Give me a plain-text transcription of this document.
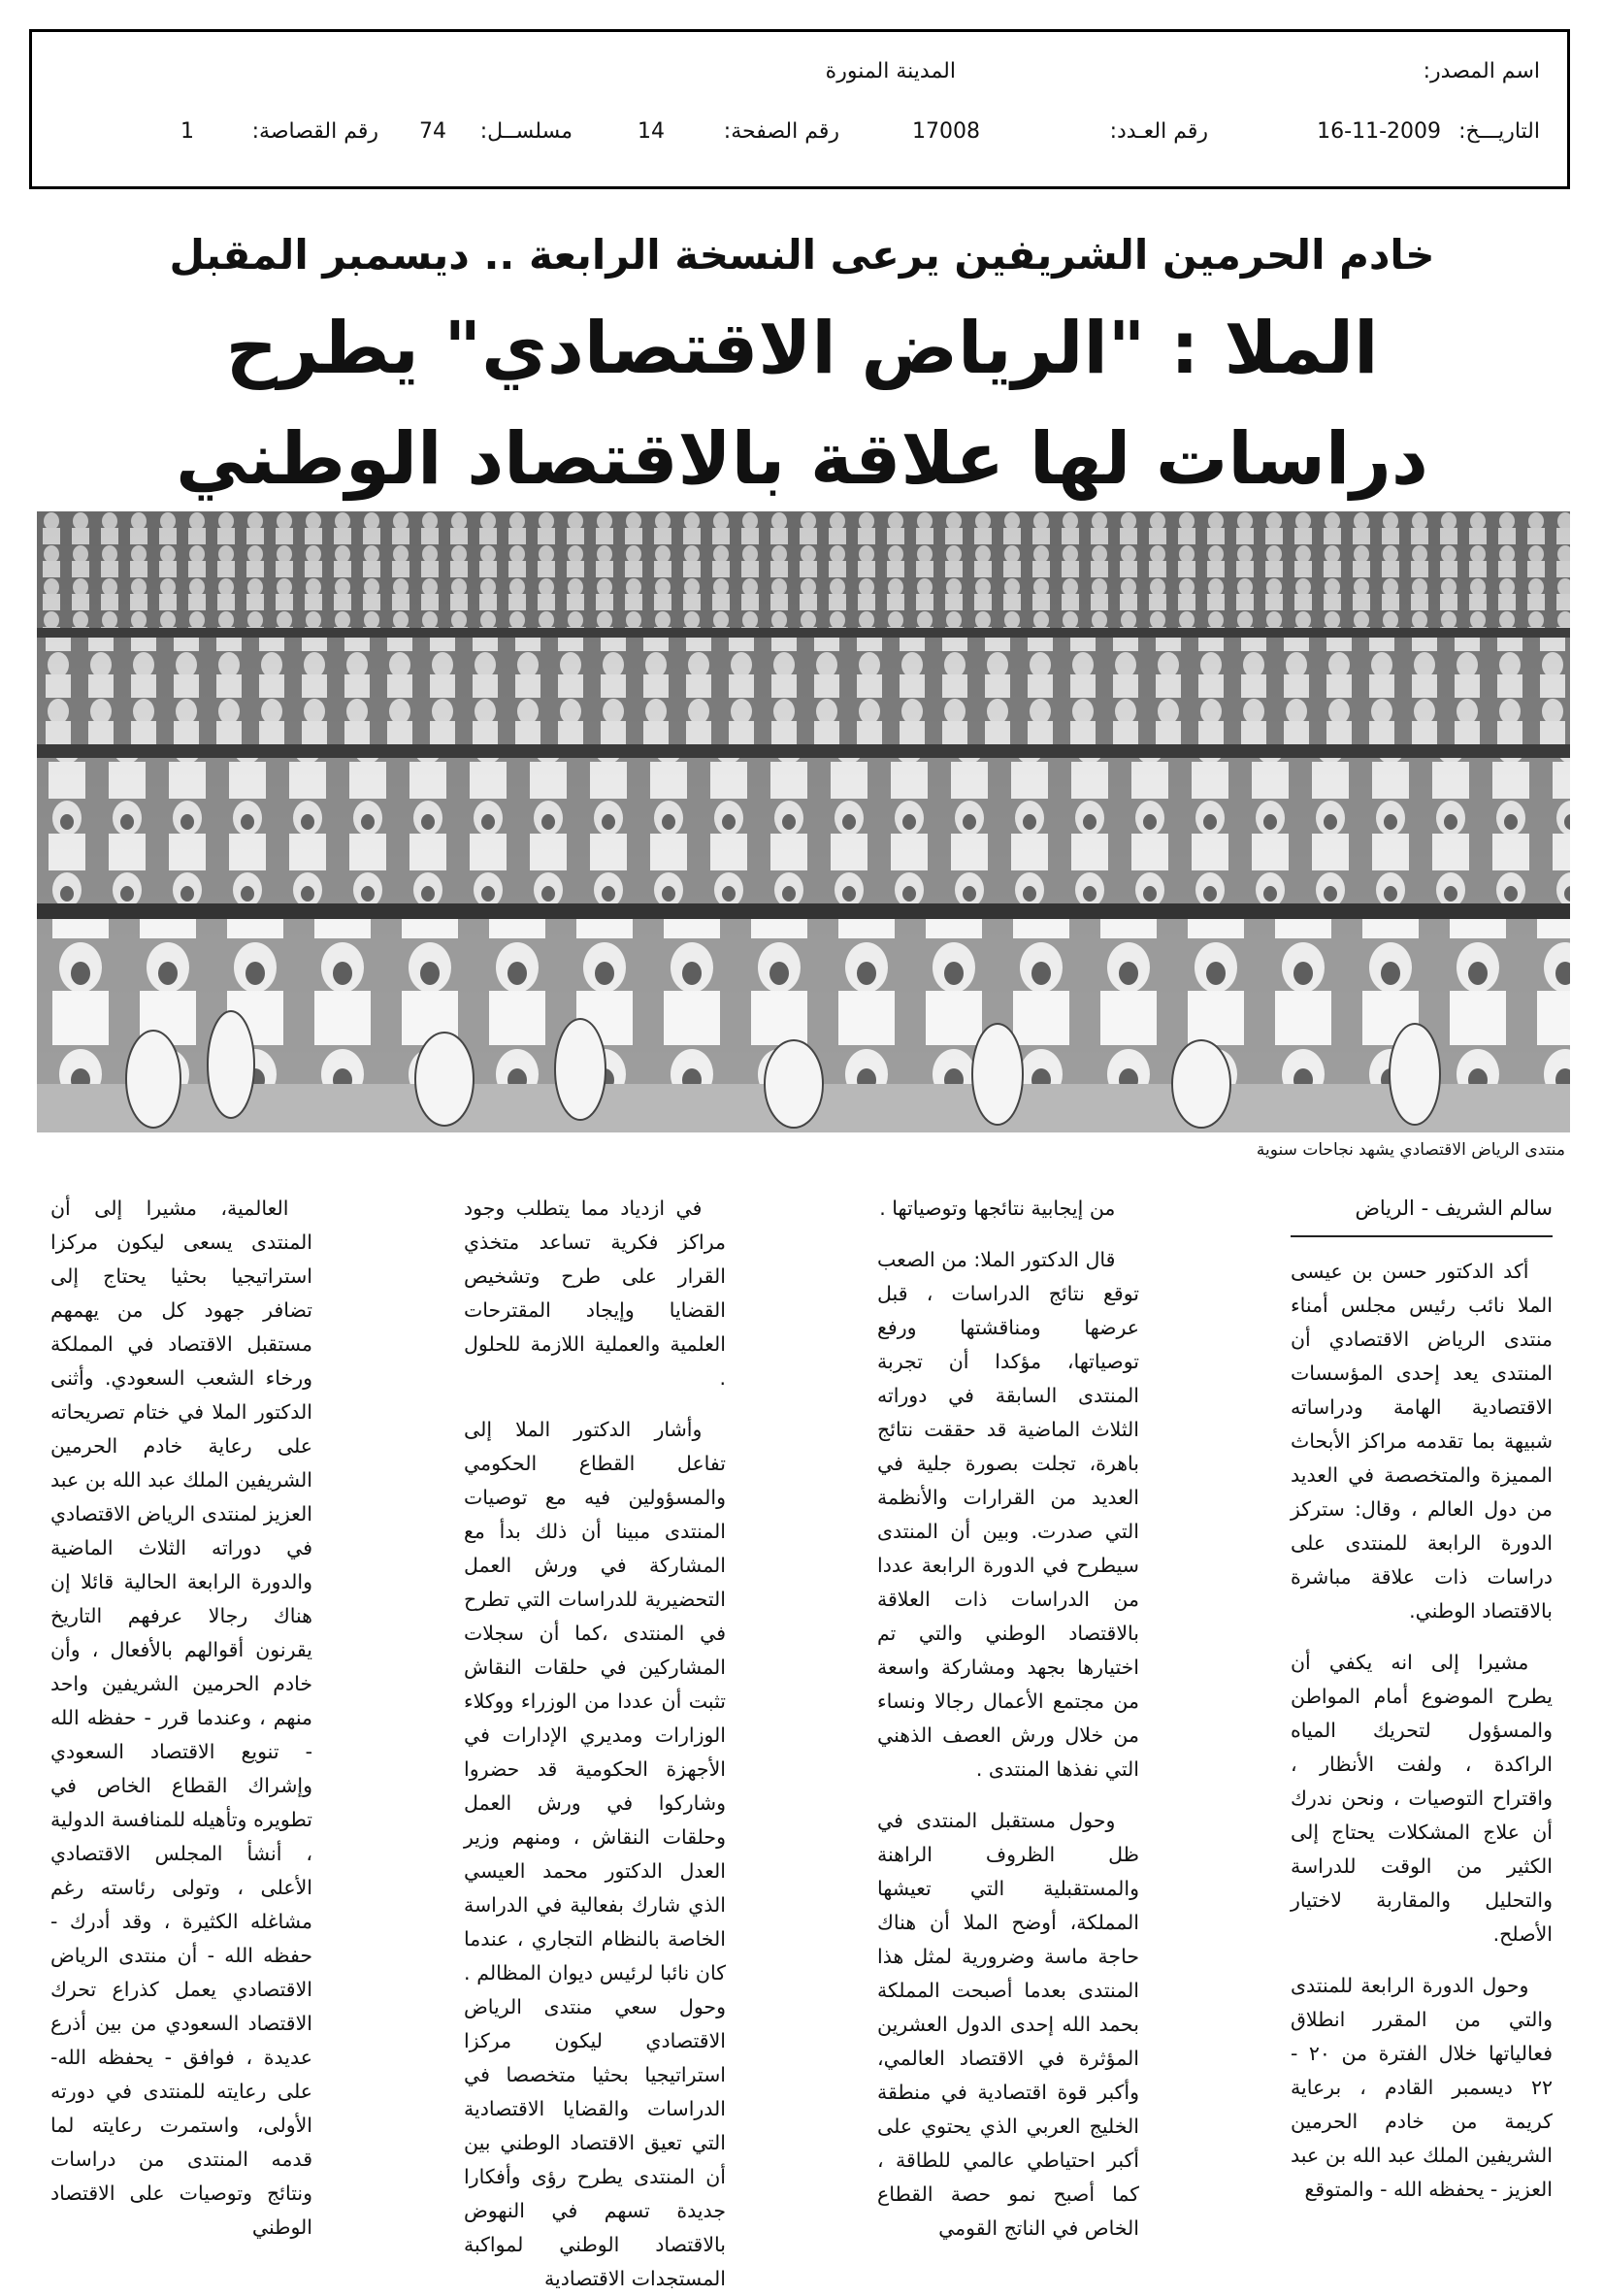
اسم المصدر:
المدينة المنورة
التاريـــخ:
16-11-2009
رقم العـدد:
17008
رقم الصفحة:
14
مسلســل:
74
رقم القصاصة:
1
خادم الحرمين الشريفين يرعى النسخة الرابعة .. ديسمبر المقبل
الملا : "الرياض الاقتصادي" يطرح
دراسات لها علاقة بالاقتصاد الوطني
منتدى الرياض الاقتصادي يشهد نجاحات سنوية

سالم الشريف - الرياض

أكد الدكتور حسن بن عيسى الملا نائب رئيس مجلس أمناء منتدى الرياض الاقتصادي أن المنتدى يعد إحدى المؤسسات الاقتصادية الهامة ودراساته شبيهة بما تقدمه مراكز الأبحاث المميزة والمتخصصة في العديد من دول العالم ، وقال: ستركز الدورة الرابعة للمنتدى على دراسات ذات علاقة مباشرة بالاقتصاد الوطني.

مشيرا إلى انه يكفي أن يطرح الموضوع أمام المواطن والمسؤول لتحريك المياه الراكدة ، ولفت الأنظار ، واقتراح التوصيات ، ونحن ندرك أن علاج المشكلات يحتاج إلى الكثير من الوقت للدراسة والتحليل والمقاربة لاختيار الأصلح.

وحول الدورة الرابعة للمنتدى والتي من المقرر انطلاق فعالياتها خلال الفترة من ٢٠ - ٢٢ ديسمبر القادم ، برعاية كريمة من خادم الحرمين الشريفين الملك عبد الله بن عبد العزيز - يحفظه الله - والمتوقع

من إيجابية نتائجها وتوصياتها .

قال الدكتور الملا: من الصعب توقع نتائج الدراسات ، قبل عرضها ومناقشتها ورفع توصياتها، مؤكدا أن تجربة المنتدى السابقة في دوراته الثلاث الماضية قد حققت نتائج باهرة، تجلت بصورة جلية في العديد من القرارات والأنظمة التي صدرت. وبين أن المنتدى سيطرح في الدورة الرابعة عددا من الدراسات ذات العلاقة بالاقتصاد الوطني والتي تم اختيارها بجهد ومشاركة واسعة من مجتمع الأعمال رجالا ونساء من خلال ورش العصف الذهني التي نفذها المنتدى .

وحول مستقبل المنتدى في ظل الظروف الراهنة والمستقبلية التي تعيشها المملكة، أوضح الملا أن هناك حاجة ماسة وضرورية لمثل هذا المنتدى بعدما أصبحت المملكة بحمد الله إحدى الدول العشرين المؤثرة في الاقتصاد العالمي، وأكبر قوة اقتصادية في منطقة الخليج العربي الذي يحتوي على أكبر احتياطي عالمي للطاقة ، كما أصبح نمو حصة القطاع الخاص في الناتج القومي

في ازدياد مما يتطلب وجود مراكز فكرية تساعد متخذي القرار على طرح وتشخيص القضايا وإيجاد المقترحات العلمية والعملية اللازمة للحلول .

وأشار الدكتور الملا إلى تفاعل القطاع الحكومي والمسؤولين فيه مع توصيات المنتدى مبينا أن ذلك بدأ مع المشاركة في ورش العمل التحضيرية للدراسات التي تطرح في المنتدى ،كما أن سجلات المشاركين في حلقات النقاش تثبت أن عددا من الوزراء ووكلاء الوزارات ومديري الإدارات في الأجهزة الحكومية قد حضروا وشاركوا في ورش العمل وحلقات النقاش ، ومنهم وزير العدل الدكتور محمد العيسي الذي شارك بفعالية في الدراسة الخاصة بالنظام التجاري ، عندما كان نائبا لرئيس ديوان المظالم . وحول سعي منتدى الرياض الاقتصادي ليكون مركزا استراتيجيا بحثيا متخصصا في الدراسات والقضايا الاقتصادية التي تعيق الاقتصاد الوطني بين أن المنتدى يطرح رؤى وأفكارا جديدة تسهم في النهوض بالاقتصاد الوطني لمواكبة المستجدات الاقتصادية

العالمية، مشيرا إلى أن المنتدى يسعى ليكون مركزا استراتيجيا بحثيا يحتاج إلى تضافر جهود كل من يهمهم مستقبل الاقتصاد في المملكة ورخاء الشعب السعودي. وأثنى الدكتور الملا في ختام تصريحاته على رعاية خادم الحرمين الشريفين الملك عبد الله بن عبد العزيز لمنتدى الرياض الاقتصادي في دوراته الثلاث الماضية والدورة الرابعة الحالية قائلا إن هناك رجالا عرفهم التاريخ يقرنون أقوالهم بالأفعال ، وأن خادم الحرمين الشريفين واحد منهم ، وعندما قرر - حفظه الله - تنويع الاقتصاد السعودي وإشراك القطاع الخاص في تطويره وتأهيله للمنافسة الدولية ، أنشأ المجلس الاقتصادي الأعلى ، وتولى رئاسته رغم مشاغله الكثيرة ، وقد أدرك - حفظه الله - أن منتدى الرياض الاقتصادي يعمل كذراع تحرك الاقتصاد السعودي من بين أذرع عديدة ، فوافق - يحفظه الله- على رعايته للمنتدى في دورته الأولى، واستمرت رعايته لما قدمه المنتدى من دراسات ونتائج وتوصيات على الاقتصاد الوطني
